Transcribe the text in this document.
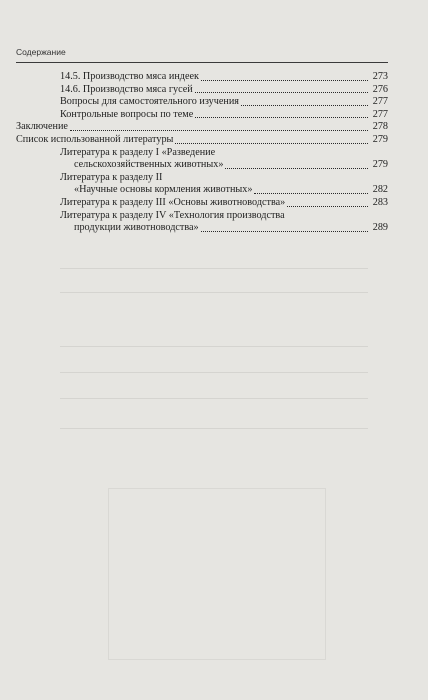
Содержание
14.5. Производство мяса индеек	273
14.6. Производство мяса гусей	276
Вопросы для самостоятельного изучения	277
Контрольные вопросы по теме	277
Заключение	278
Список использованной литературы	279
Литература к разделу I «Разведение
сельскохозяйственных животных»	279
Литература к разделу II
«Научные основы кормления животных»	282
Литература к разделу III «Основы животноводства»	283
Литература к разделу IV «Технология производства
продукции животноводства»	289
